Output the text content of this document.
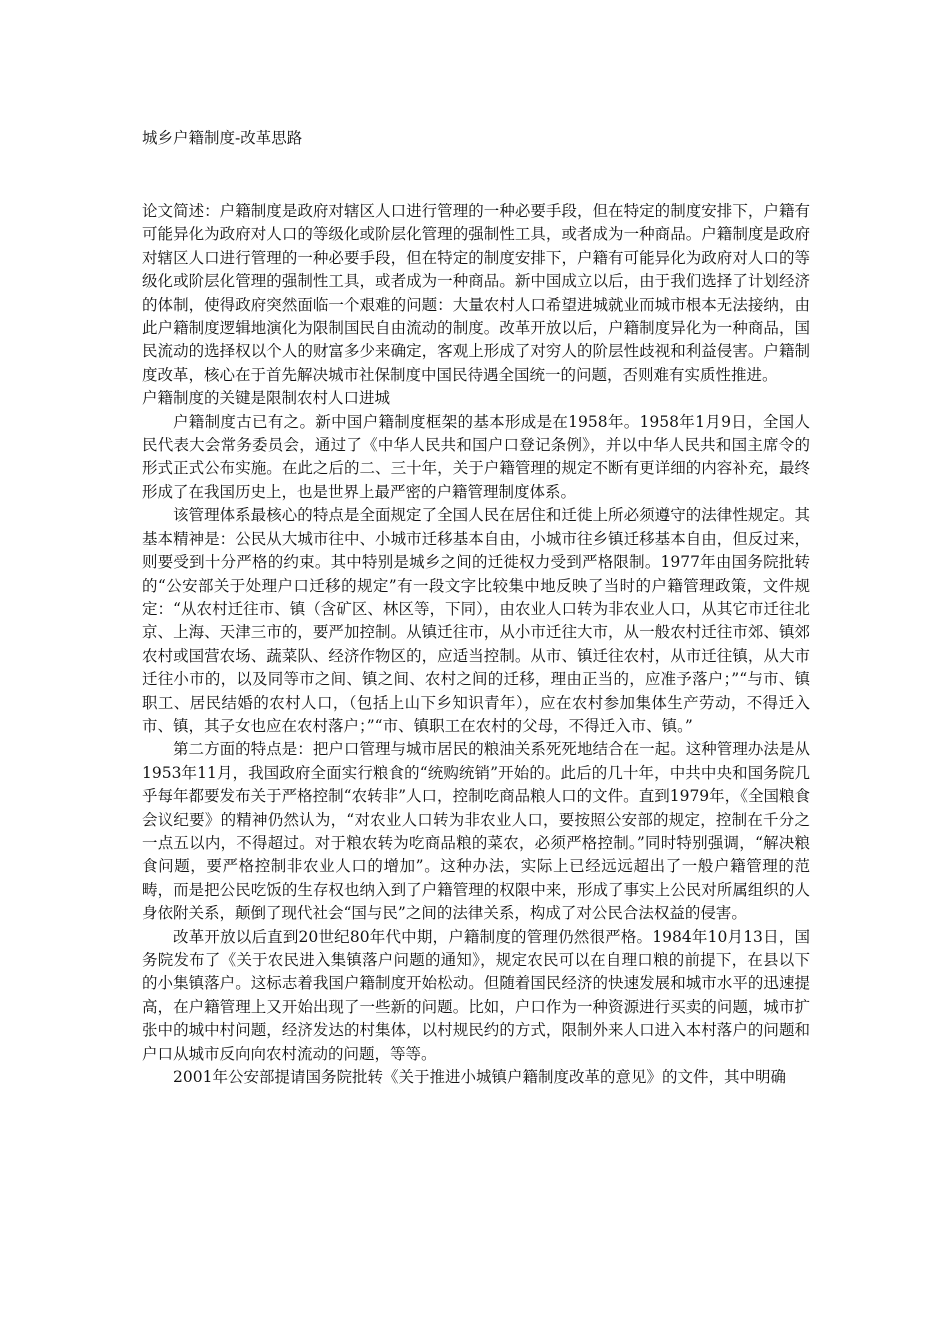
城乡户籍制度-改革思路

论文简述：户籍制度是政府对辖区人口进行管理的一种必要手段，但在特定的制度安排下，户籍有可能异化为政府对人口的等级化或阶层化管理的强制性工具，或者成为一种商品。户籍制度是政府对辖区人口进行管理的一种必要手段，但在特定的制度安排下，户籍有可能异化为政府对人口的等级化或阶层化管理的强制性工具，或者成为一种商品。新中国成立以后，由于我们选择了计划经济的体制，使得政府突然面临一个艰难的问题：大量农村人口希望进城就业而城市根本无法接纳，由此户籍制度逻辑地演化为限制国民自由流动的制度。改革开放以后，户籍制度异化为一种商品，国民流动的选择权以个人的财富多少来确定，客观上形成了对穷人的阶层性歧视和利益侵害。户籍制度改革，核心在于首先解决城市社保制度中国民待遇全国统一的问题，否则难有实质性推进。

户籍制度的关键是限制农村人口进城

户籍制度古已有之。新中国户籍制度框架的基本形成是在1958年。1958年1月9日，全国人民代表大会常务委员会，通过了《中华人民共和国户口登记条例》，并以中华人民共和国主席令的形式正式公布实施。在此之后的二、三十年，关于户籍管理的规定不断有更详细的内容补充，最终形成了在我国历史上，也是世界上最严密的户籍管理制度体系。

该管理体系最核心的特点是全面规定了全国人民在居住和迁徙上所必须遵守的法律性规定。其基本精神是：公民从大城市往中、小城市迁移基本自由，小城市往乡镇迁移基本自由，但反过来，则要受到十分严格的约束。其中特别是城乡之间的迁徙权力受到严格限制。1977年由国务院批转的“公安部关于处理户口迁移的规定”有一段文字比较集中地反映了当时的户籍管理政策，文件规定：“从农村迁往市、镇（含矿区、林区等，下同），由农业人口转为非农业人口，从其它市迁往北京、上海、天津三市的，要严加控制。从镇迁往市，从小市迁往大市，从一般农村迁往市郊、镇郊农村或国营农场、蔬菜队、经济作物区的，应适当控制。从市、镇迁往农村，从市迁往镇，从大市迁往小市的，以及同等市之间、镇之间、农村之间的迁移，理由正当的，应准予落户；”“与市、镇职工、居民结婚的农村人口，（包括上山下乡知识青年），应在农村参加集体生产劳动，不得迁入市、镇，其子女也应在农村落户；”“市、镇职工在农村的父母，不得迁入市、镇。”

第二方面的特点是：把户口管理与城市居民的粮油关系死死地结合在一起。这种管理办法是从1953年11月，我国政府全面实行粮食的“统购统销”开始的。此后的几十年，中共中央和国务院几乎每年都要发布关于严格控制“农转非”人口，控制吃商品粮人口的文件。直到1979年，《全国粮食会议纪要》的精神仍然认为，“对农业人口转为非农业人口，要按照公安部的规定，控制在千分之一点五以内，不得超过。对于粮农转为吃商品粮的菜农，必须严格控制。”同时特别强调，“解决粮食问题，要严格控制非农业人口的增加”。这种办法，实际上已经远远超出了一般户籍管理的范畴，而是把公民吃饭的生存权也纳入到了户籍管理的权限中来，形成了事实上公民对所属组织的人身依附关系，颠倒了现代社会“国与民”之间的法律关系，构成了对公民合法权益的侵害。

改革开放以后直到20世纪80年代中期，户籍制度的管理仍然很严格。1984年10月13日，国务院发布了《关于农民进入集镇落户问题的通知》，规定农民可以在自理口粮的前提下，在县以下的小集镇落户。这标志着我国户籍制度开始松动。但随着国民经济的快速发展和城市水平的迅速提高，在户籍管理上又开始出现了一些新的问题。比如，户口作为一种资源进行买卖的问题，城市扩张中的城中村问题，经济发达的村集体，以村规民约的方式，限制外来人口进入本村落户的问题和户口从城市反向向农村流动的问题，等等。

2001年公安部提请国务院批转《关于推进小城镇户籍制度改革的意见》的文件，其中明确
